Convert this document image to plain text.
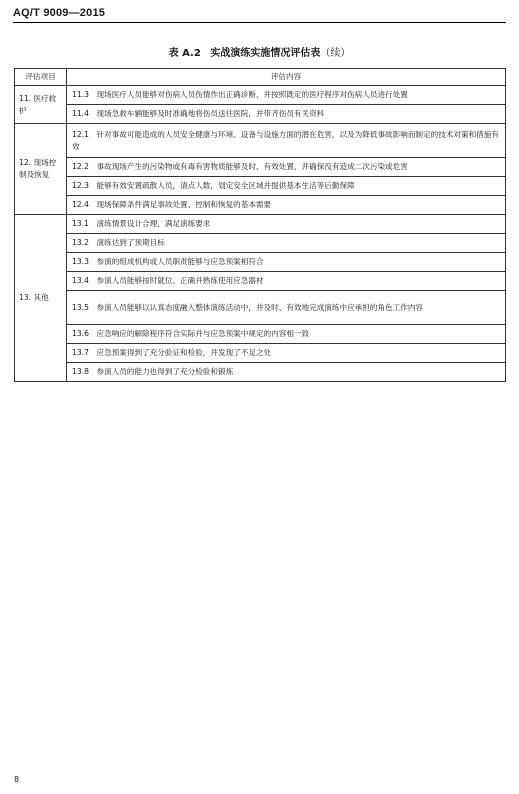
AQ/T 9009—2015
表 A.2 实战演练实施情况评估表（续）
评估项目	评估内容
11. 医疗救护	11.3　现场医疗人员能够对伤病人员伤情作出正确诊断，并按照既定的医疗程序对伤病人员进行处置
	11.4　现场急救车辆能够及时准确地将伤员送往医院，并带齐伤员有关资料
12. 现场控制及恢复	12.1　针对事故可能造成的人员安全健康与环境、设备与设施方面的潜在危害，以及为降低事故影响而制定的技术对策和措施有效
	12.2　事故现场产生的污染物或有毒有害物质能够及时、有效处置，并确保没有造成二次污染或危害
	12.3　能够有效安置疏散人员，清点人数，划定安全区域并提供基本生活等后勤保障
	12.4　现场保障条件满足事故处置、控制和恢复的基本需要
13. 其他	13.1　演练情景设计合理，满足演练要求
	13.2　演练达到了预期目标
	13.3　参演的组成机构或人员职责能够与应急预案相符合
	13.4　参演人员能够按时就位、正确并熟练使用应急器材
	13.5　参演人员能够以认真态度融入整体演练活动中，并及时、有效地完成演练中应承担的角色工作内容
	13.6　应急响应的解除程序符合实际并与应急预案中规定的内容相一致
	13.7　应急预案得到了充分验证和检验，并发现了不足之处
	13.8　参演人员的能力也得到了充分检验和锻炼
8
